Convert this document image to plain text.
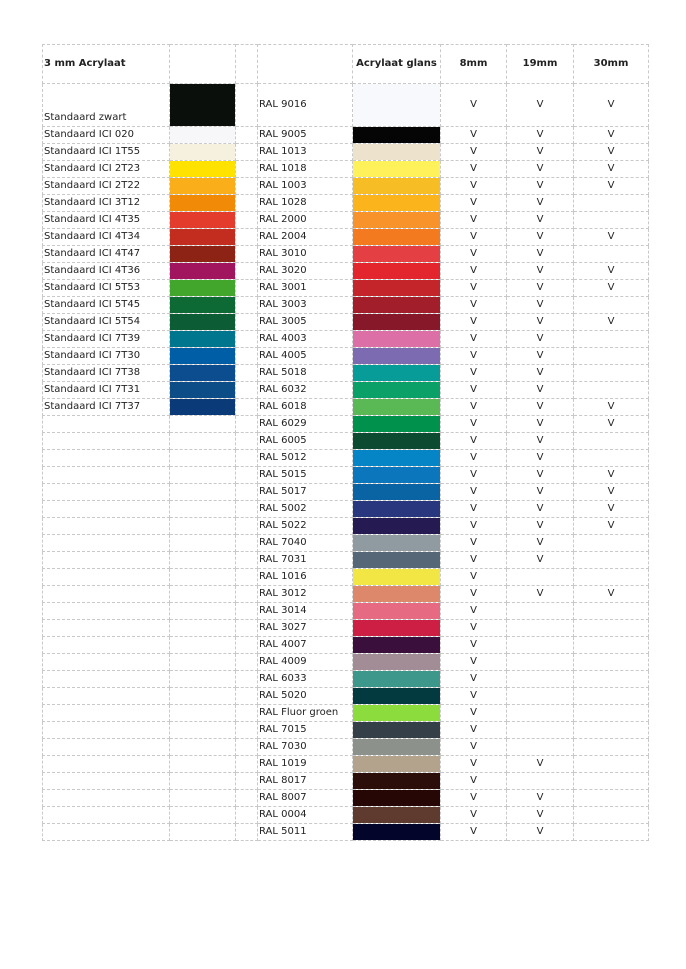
3 mm Acrylaat				Acrylaat glans	8mm	19mm	30mm
Standaard zwart			RAL 9016		V	V	V
Standaard ICI 020			RAL 9005		V	V	V
Standaard ICI 1T55			RAL 1013		V	V	V
Standaard ICI 2T23			RAL 1018		V	V	V
Standaard ICI 2T22			RAL 1003		V	V	V
Standaard ICI 3T12			RAL 1028		V	V	
Standaard ICI 4T35			RAL 2000		V	V	
Standaard ICI 4T34			RAL 2004		V	V	V
Standaard ICI 4T47			RAL 3010		V	V	
Standaard ICI 4T36			RAL 3020		V	V	V
Standaard ICI 5T53			RAL 3001		V	V	V
Standaard ICI 5T45			RAL 3003		V	V	
Standaard ICI 5T54			RAL 3005		V	V	V
Standaard ICI 7T39			RAL 4003		V	V	
Standaard ICI 7T30			RAL 4005		V	V	
Standaard ICI 7T38			RAL 5018		V	V	
Standaard ICI 7T31			RAL 6032		V	V	
Standaard ICI 7T37			RAL 6018		V	V	V
			RAL 6029		V	V	V
			RAL 6005		V	V	
			RAL 5012		V	V	
			RAL 5015		V	V	V
			RAL 5017		V	V	V
			RAL 5002		V	V	V
			RAL 5022		V	V	V
			RAL 7040		V	V	
			RAL 7031		V	V	
			RAL 1016		V		
			RAL 3012		V	V	V
			RAL 3014		V		
			RAL 3027		V		
			RAL 4007		V		
			RAL 4009		V		
			RAL 6033		V		
			RAL 5020		V		
			RAL Fluor groen		V		
			RAL 7015		V		
			RAL 7030		V		
			RAL 1019		V	V	
			RAL 8017		V		
			RAL 8007		V	V	
			RAL 0004		V	V	
			RAL 5011		V	V	
